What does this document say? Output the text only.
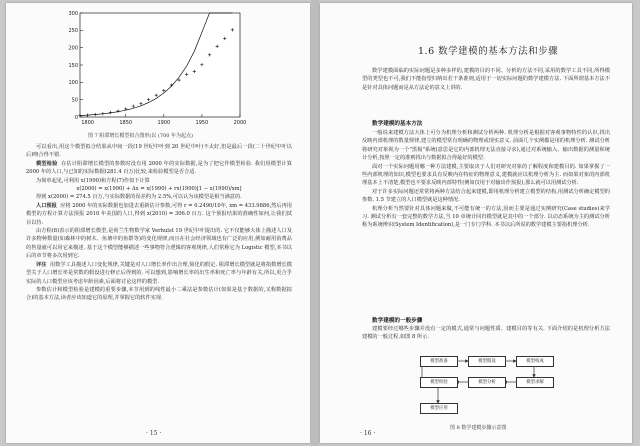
300
250
200
150
100
50
0
1800	1850	1900	1950	2000
图 7 阻滞增长模型拟合图形(以 (700 年为起点)

可以看出,用这个模型拟合结果从中间一段(19 世纪中叶到 20 世纪中叶)不太好,但是最后一段(二十世纪中叶以后)吻合得不错.

模型检验 在估计阻滞增长模型的参数时没有用 2000 年的实际数据,是为了把它作模型检验. 我们用模型计算 2000 年的人口,与已知的实际数据(281.4 百万)比较,来检验模型是否合适.

为简单起见,可利用 x(1990)和方程(7)作如下计算

x(2000) = x(1990) + Δx = x(1990) + rx(1990)[1 − x(1990)/xm]

得到 x(2000) = 274.5 百万,与实际数据的误差约为 2.5%,可以认为该模型是相当满意的.

人口预报 应将 2000 年的实际数据也加进去重新估计参数,可得 r = 0.2490/10年, xm = 433.9886,然后再用模型的方程计算方法预报 2010 年美国的人口,得到 x(2010) = 306.0 百万. 这个预报结果的准确性如何,让我们拭目以待.

由方程(8)表示的阻滞增长模型,是荷兰生物数学家 Verhulst 19 世纪中叶提出的. 它不仅能够大体上描述人口及许多物种数量(如森林中的树木、鱼塘中的鱼群等)的变化规律,而且在社会经济领域也有广泛的应用,例如耐用消费品的售量就可以用它来描述. 基于这个模型能够描述一些事物符合逻辑的客观规律,人们常称它为 Logistic 模型,本书以后的章节将多次用到它.

评注 用数学工具描述人口变化规律,关键是对人口增长率作出合理,简化的假定. 阻滞增长模型就是将指数增长模型关于人口增长率是常数的假设进行修正后得到的. 可以想到,影响增长率的出生率和死亡率与年龄有关,所以,更合乎实际的人口模型应该考虑年龄因素,后面将讨论这样的模型.

参数估计和模型检验是建模的重要步骤,本节用到的线性最小二乘法是参数估计(如果是基于数据的,又称数据拟合)的基本方法,读者应该知道它的原理,并掌握它的软件实现.

· 15 ·
1.6 数学建模的基本方法和步骤

数学建模面临的实际问题是多种多样的,建模的目的不同、分析的方法不同,采用的数学工具不同,所得模型的类型也不可,我们不能指望归纳出若干条准则,适用于一切实际问题的数学建模方法. 下面所谓基本方法不是针对具体问题而是从方法论的意义上讲的.

数学建模的基本方法

一般说来建模方法大体上可分为机理分析和测试分析两种. 机理分析是根据对客观事物特性的认识,找出反映内部机理的数量规律,建立的模型常有明确的物理或现实意义. 前面几个实例都是用的机理分析. 测试分析将研究对象视为一个"黑箱"系统(意思是它的内部机理无法直接寻求),通过对系统输入、输出数据的测量和统计分析,按照一定的准则找出与数据拟合得最好的模型.

面对一个实际问题用哪一种方法建模,主要取决于人们对研究对象的了解程度和建模目的. 如果掌握了一些内部机理的知识,模型也要求具有反映内在特征的物理意义,建模就应以机理分析为主. 而如果对象的内部机理基本上不清楚,模型也不要求反映内部特性(例如仅用于对输出作预报),那么就可以用测试分析.

对于许多实际问题还常常将两种方法结合起来建模,即用机理分析建立模型的结构,用测试分析确定模型的参数. 1.5 节建立的人口模型就是这种情况.

机理分析当然要针对具体问题来做,不可能有统一的方法,因而主要是通过实例研究(Case studies)来学习. 测试分析有一套完整的数学方法,当 10 章统计回归模型就是其中的一个部分. 以动态系统为主的测试分析称为系统辨识(System Identification),是一门专门学科. 本书以后所说的数学建模主要指机理分析.

数学建模的一般步骤

建模要经过哪些步骤并没有一定的模式,通常与问题性质、建模目的等有关. 下面介绍的是机理分析方法建模的一般过程,如图 8 所示.

模型准备	模型假设	模型构成
模型检验	模型分析	模型求解
模型应用
图 8 数学建模步骤示意图
· 16 ·
